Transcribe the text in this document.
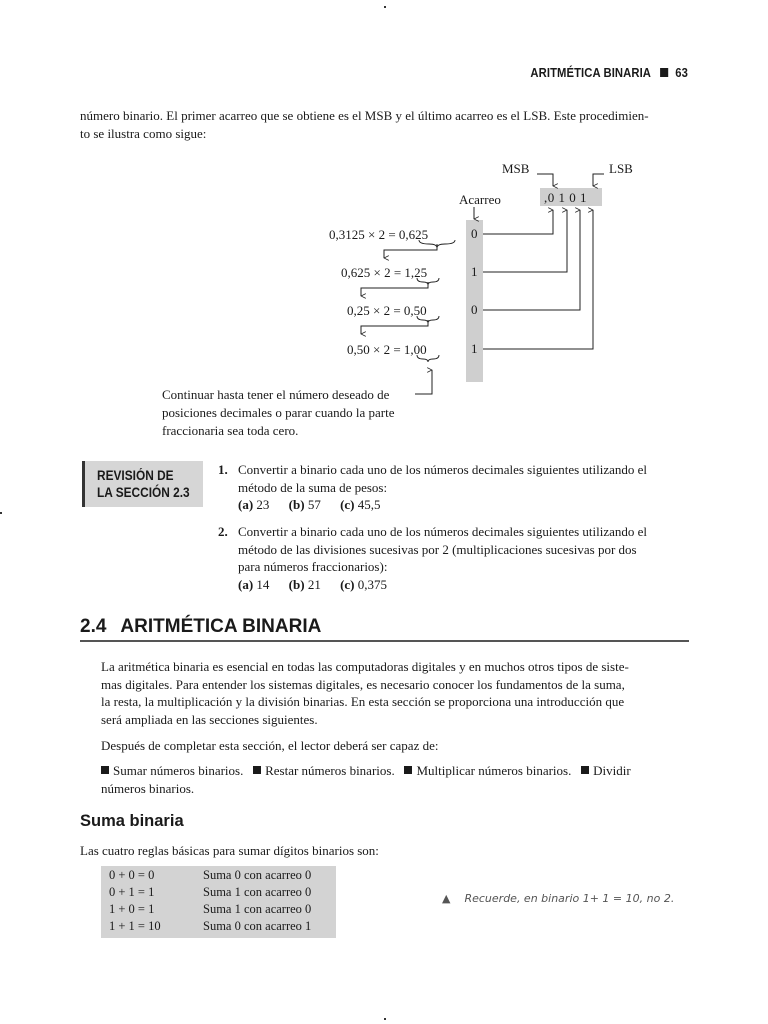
ARITMÉTICA BINARIA 63
número binario. El primer acarreo que se obtiene es el MSB y el último acarreo es el LSB. Este procedimien-
to se ilustra como sigue:
MSB	LSB
Acarreo	,0 1 0 1
0,3125 × 2 = 0,625
0,625 × 2 = 1,25
0,25 × 2 = 0,50
0,50 × 2 = 1,00
0
1
0
1
Continuar hasta tener el número deseado de
posiciones decimales o parar cuando la parte
fraccionaria sea toda cero.
REVISIÓN DE
LA SECCIÓN 2.3
1. Convertir a binario cada uno de los números decimales siguientes utilizando el
método de la suma de pesos:
(a) 23 (b) 57 (c) 45,5
2. Convertir a binario cada uno de los números decimales siguientes utilizando el
método de las divisiones sucesivas por 2 (multiplicaciones sucesivas por dos
para números fraccionarios):
(a) 14 (b) 21 (c) 0,375
2.4 ARITMÉTICA BINARIA
La aritmética binaria es esencial en todas las computadoras digitales y en muchos otros tipos de siste-
mas digitales. Para entender los sistemas digitales, es necesario conocer los fundamentos de la suma,
la resta, la multiplicación y la división binarias. En esta sección se proporciona una introducción que
será ampliada en las secciones siguientes.
Después de completar esta sección, el lector deberá ser capaz de:
Sumar números binarios. Restar números binarios. Multiplicar números binarios. Dividir
números binarios.
Suma binaria
Las cuatro reglas básicas para sumar dígitos binarios son:
0 + 0 = 0	Suma 0 con acarreo 0
0 + 1 = 1	Suma 1 con acarreo 0
1 + 0 = 1	Suma 1 con acarreo 0
1 + 1 = 10	Suma 0 con acarreo 1
▲ Recuerde, en binario 1+ 1 = 10, no 2.
